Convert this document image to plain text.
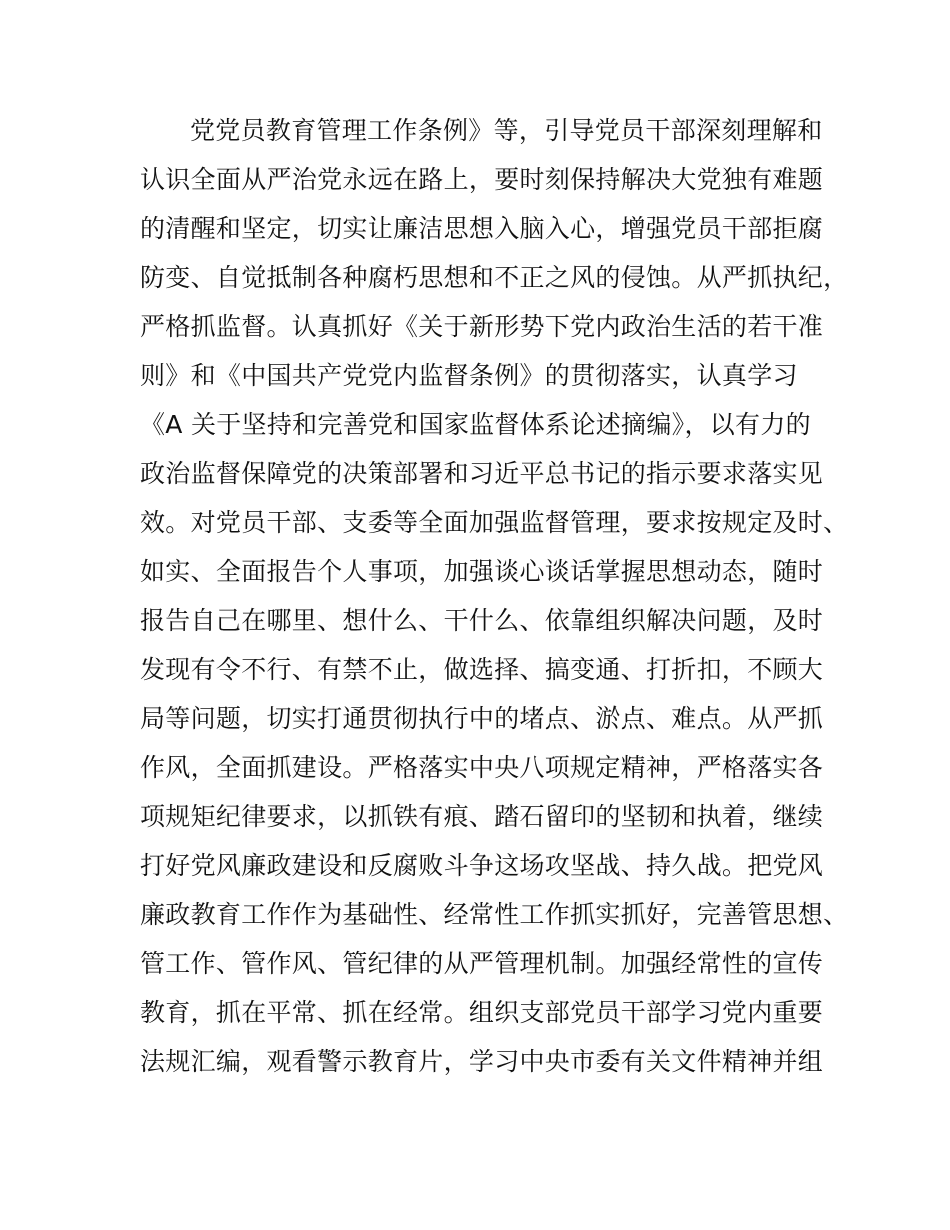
党党员教育管理工作条例》等，引导党员干部深刻理解和
认识全面从严治党永远在路上，要时刻保持解决大党独有难题
的清醒和坚定，切实让廉洁思想入脑入心，增强党员干部拒腐
防变、自觉抵制各种腐朽思想和不正之风的侵蚀。从严抓执纪，
严格抓监督。认真抓好《关于新形势下党内政治生活的若干准
则》和《中国共产党党内监督条例》的贯彻落实，认真学习
《A 关于坚持和完善党和国家监督体系论述摘编》，以有力的
政治监督保障党的决策部署和习近平总书记的指示要求落实见
效。对党员干部、支委等全面加强监督管理，要求按规定及时、
如实、全面报告个人事项，加强谈心谈话掌握思想动态，随时
报告自己在哪里、想什么、干什么、依靠组织解决问题，及时
发现有令不行、有禁不止，做选择、搞变通、打折扣，不顾大
局等问题，切实打通贯彻执行中的堵点、淤点、难点。从严抓
作风，全面抓建设。严格落实中央八项规定精神，严格落实各
项规矩纪律要求，以抓铁有痕、踏石留印的坚韧和执着，继续
打好党风廉政建设和反腐败斗争这场攻坚战、持久战。把党风
廉政教育工作作为基础性、经常性工作抓实抓好，完善管思想、
管工作、管作风、管纪律的从严管理机制。加强经常性的宣传
教育，抓在平常、抓在经常。组织支部党员干部学习党内重要
法规汇编，观看警示教育片，学习中央市委有关文件精神并组
